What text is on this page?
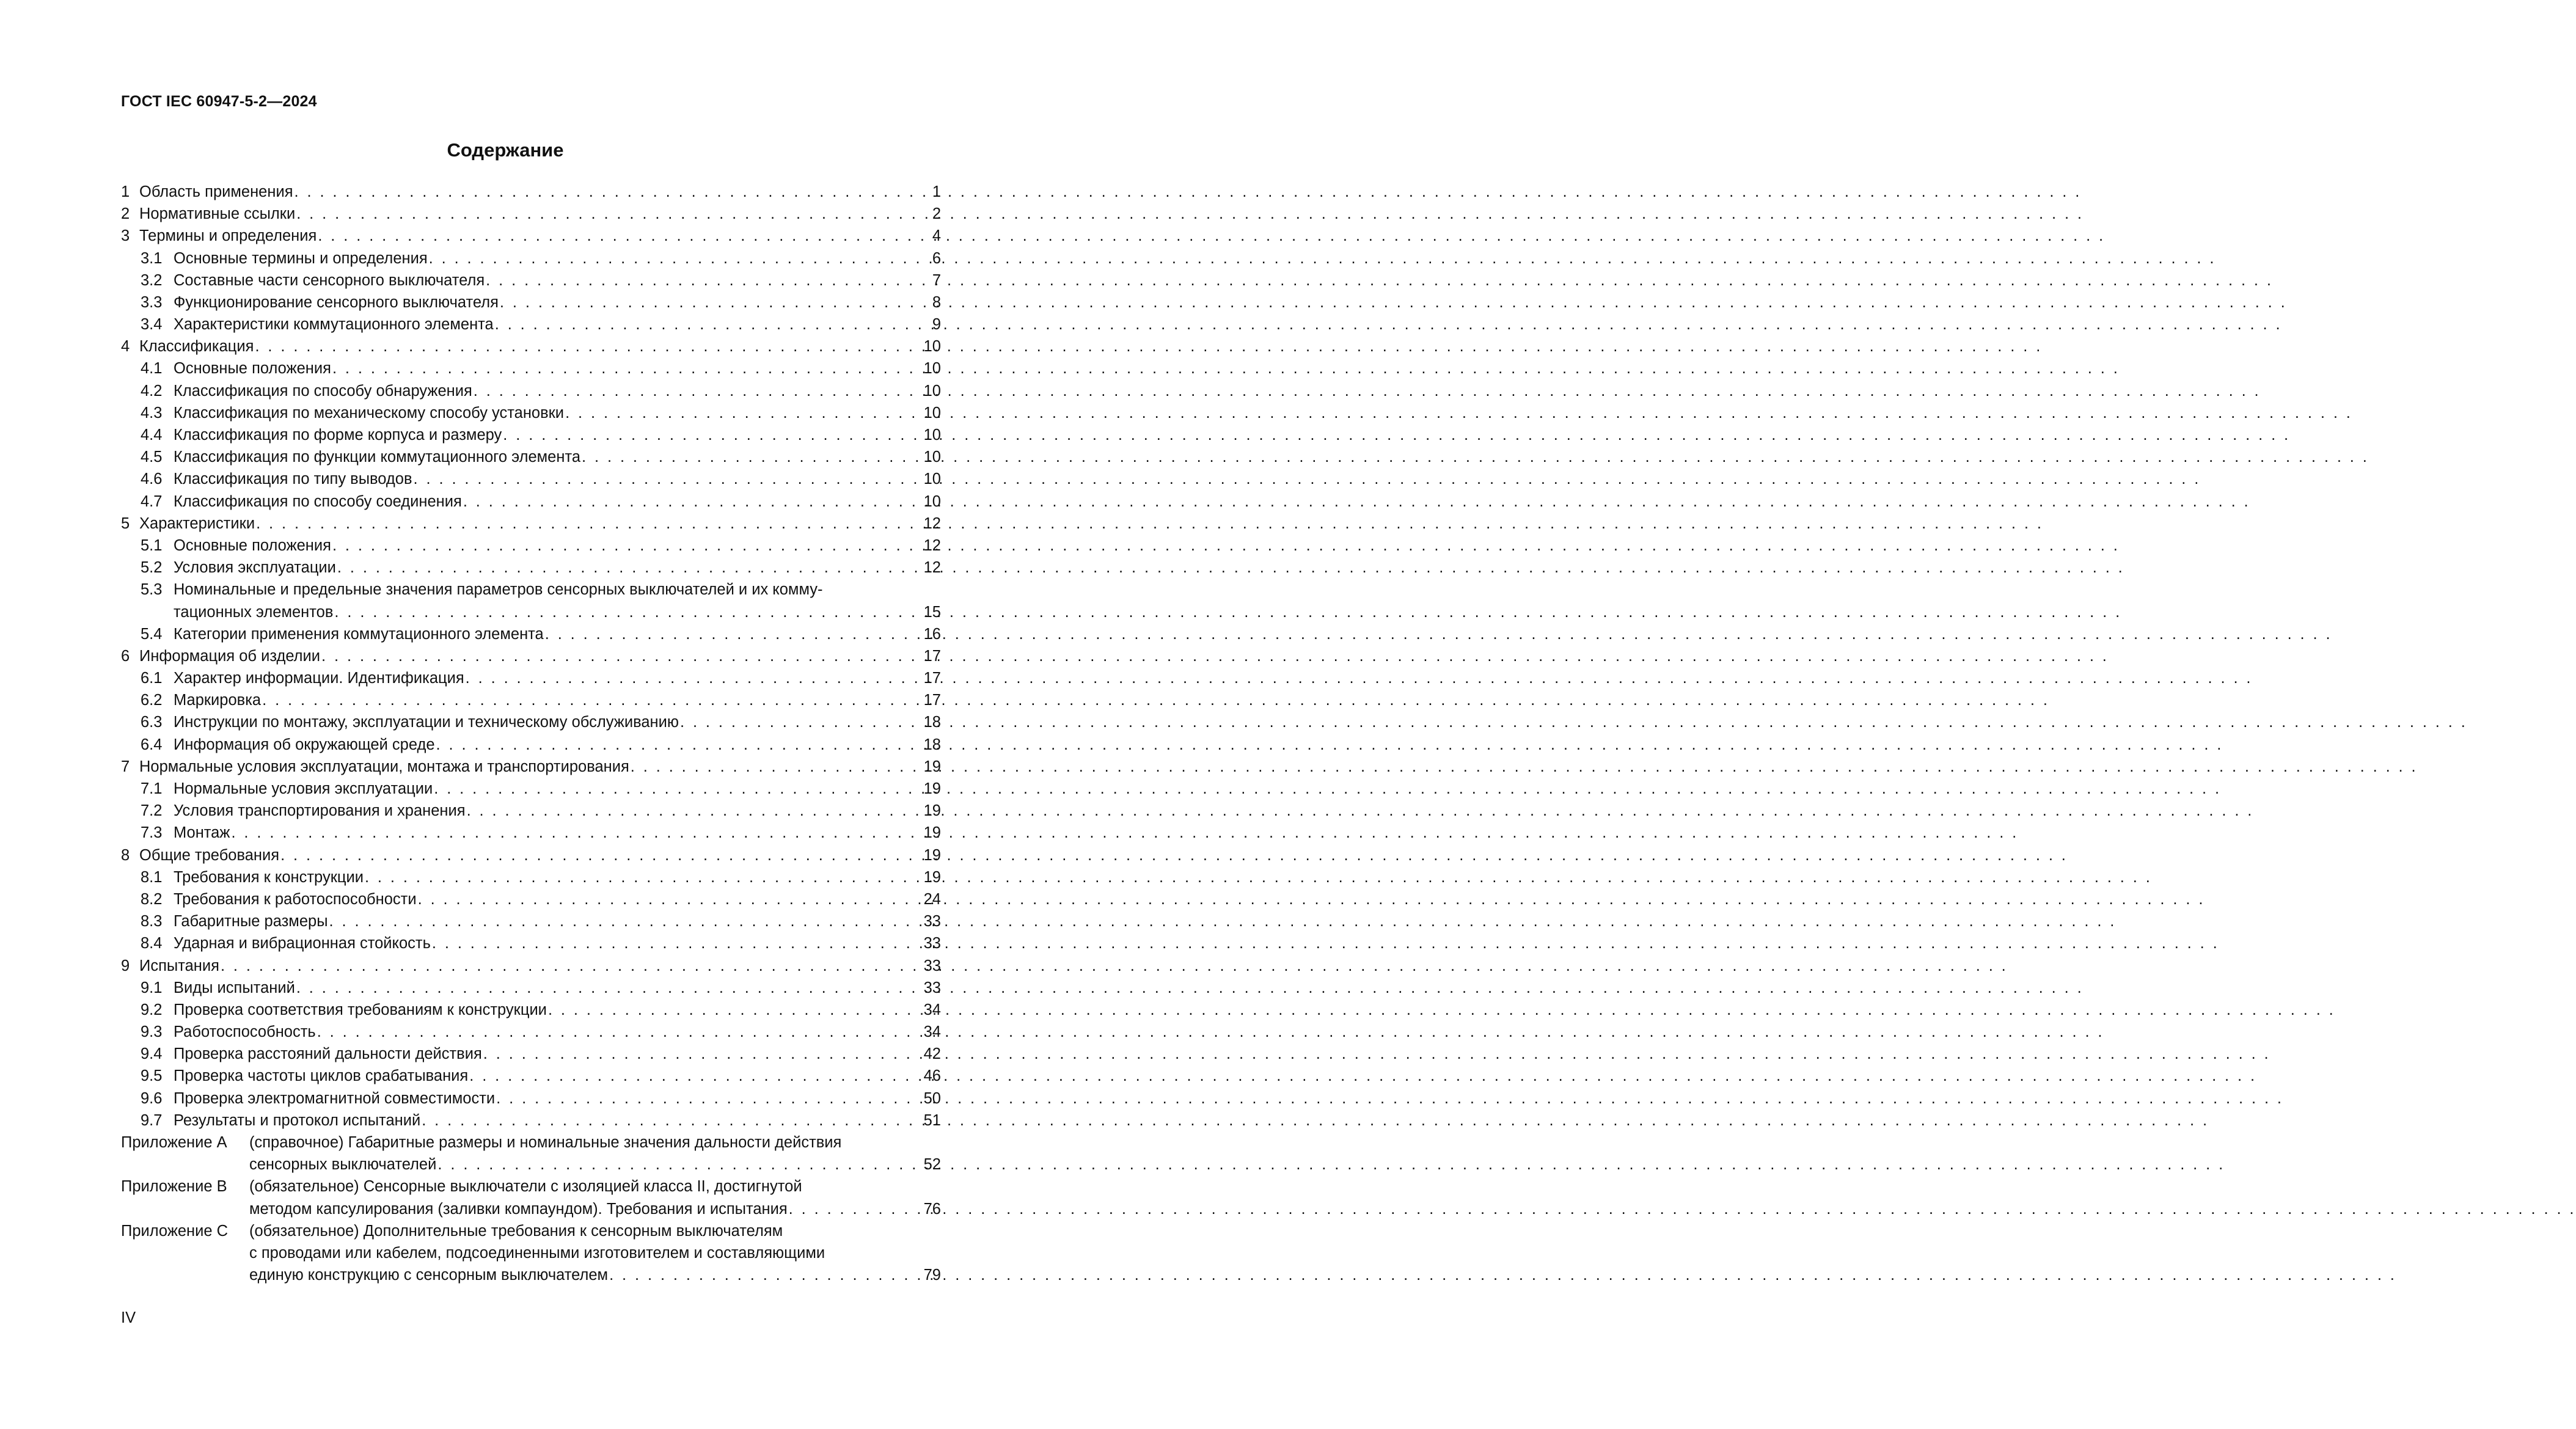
ГОСТ IEC 60947-5-2—2024
Содержание
1 Область применения . . .	1
2 Нормативные ссылки . . .	2
3 Термины и определения . . .	4
3.1 Основные термины и определения . . .	6
3.2 Составные части сенсорного выключателя . . .	7
3.3 Функционирование сенсорного выключателя . . .	8
3.4 Характеристики коммутационного элемента . . .	9
4 Классификация . . .	10
4.1 Основные положения . . .	10
4.2 Классификация по способу обнаружения . . .	10
4.3 Классификация по механическому способу установки . . .	10
4.4 Классификация по форме корпуса и размеру . . .	10
4.5 Классификация по функции коммутационного элемента . . .	10
4.6 Классификация по типу выводов . . .	10
4.7 Классификация по способу соединения . . .	10
5 Характеристики . . .	12
5.1 Основные положения . . .	12
5.2 Условия эксплуатации . . .	12
5.3 Номинальные и предельные значения параметров сенсорных выключателей и их комму-
тационных элементов . . .	15
5.4 Категории применения коммутационного элемента . . .	16
6 Информация об изделии . . .	17
6.1 Характер информации. Идентификация . . .	17
6.2 Маркировка . . .	17
6.3 Инструкции по монтажу, эксплуатации и техническому обслуживанию . . .	18
6.4 Информация об окружающей среде . . .	18
7 Нормальные условия эксплуатации, монтажа и транспортирования . . .	19
7.1 Нормальные условия эксплуатации . . .	19
7.2 Условия транспортирования и хранения . . .	19
7.3 Монтаж . . .	19
8 Общие требования . . .	19
8.1 Требования к конструкции . . .	19
8.2 Требования к работоспособности . . .	24
8.3 Габаритные размеры . . .	33
8.4 Ударная и вибрационная стойкость . . .	33
9 Испытания . . .	33
9.1 Виды испытаний . . .	33
9.2 Проверка соответствия требованиям к конструкции . . .	34
9.3 Работоспособность . . .	34
9.4 Проверка расстояний дальности действия . . .	42
9.5 Проверка частоты циклов срабатывания . . .	46
9.6 Проверка электромагнитной совместимости . . .	50
9.7 Результаты и протокол испытаний . . .	51
Приложение A	(справочное) Габаритные размеры и номинальные значения дальности действия
сенсорных выключателей . . .	52
Приложение B	(обязательное) Сенсорные выключатели с изоляцией класса II, достигнутой
методом капсулирования (заливки компаундом). Требования и испытания . . .	76
Приложение C	(обязательное) Дополнительные требования к сенсорным выключателям
с проводами или кабелем, подсоединенными изготовителем и составляющими
единую конструкцию с сенсорным выключателем . . .	79
IV
